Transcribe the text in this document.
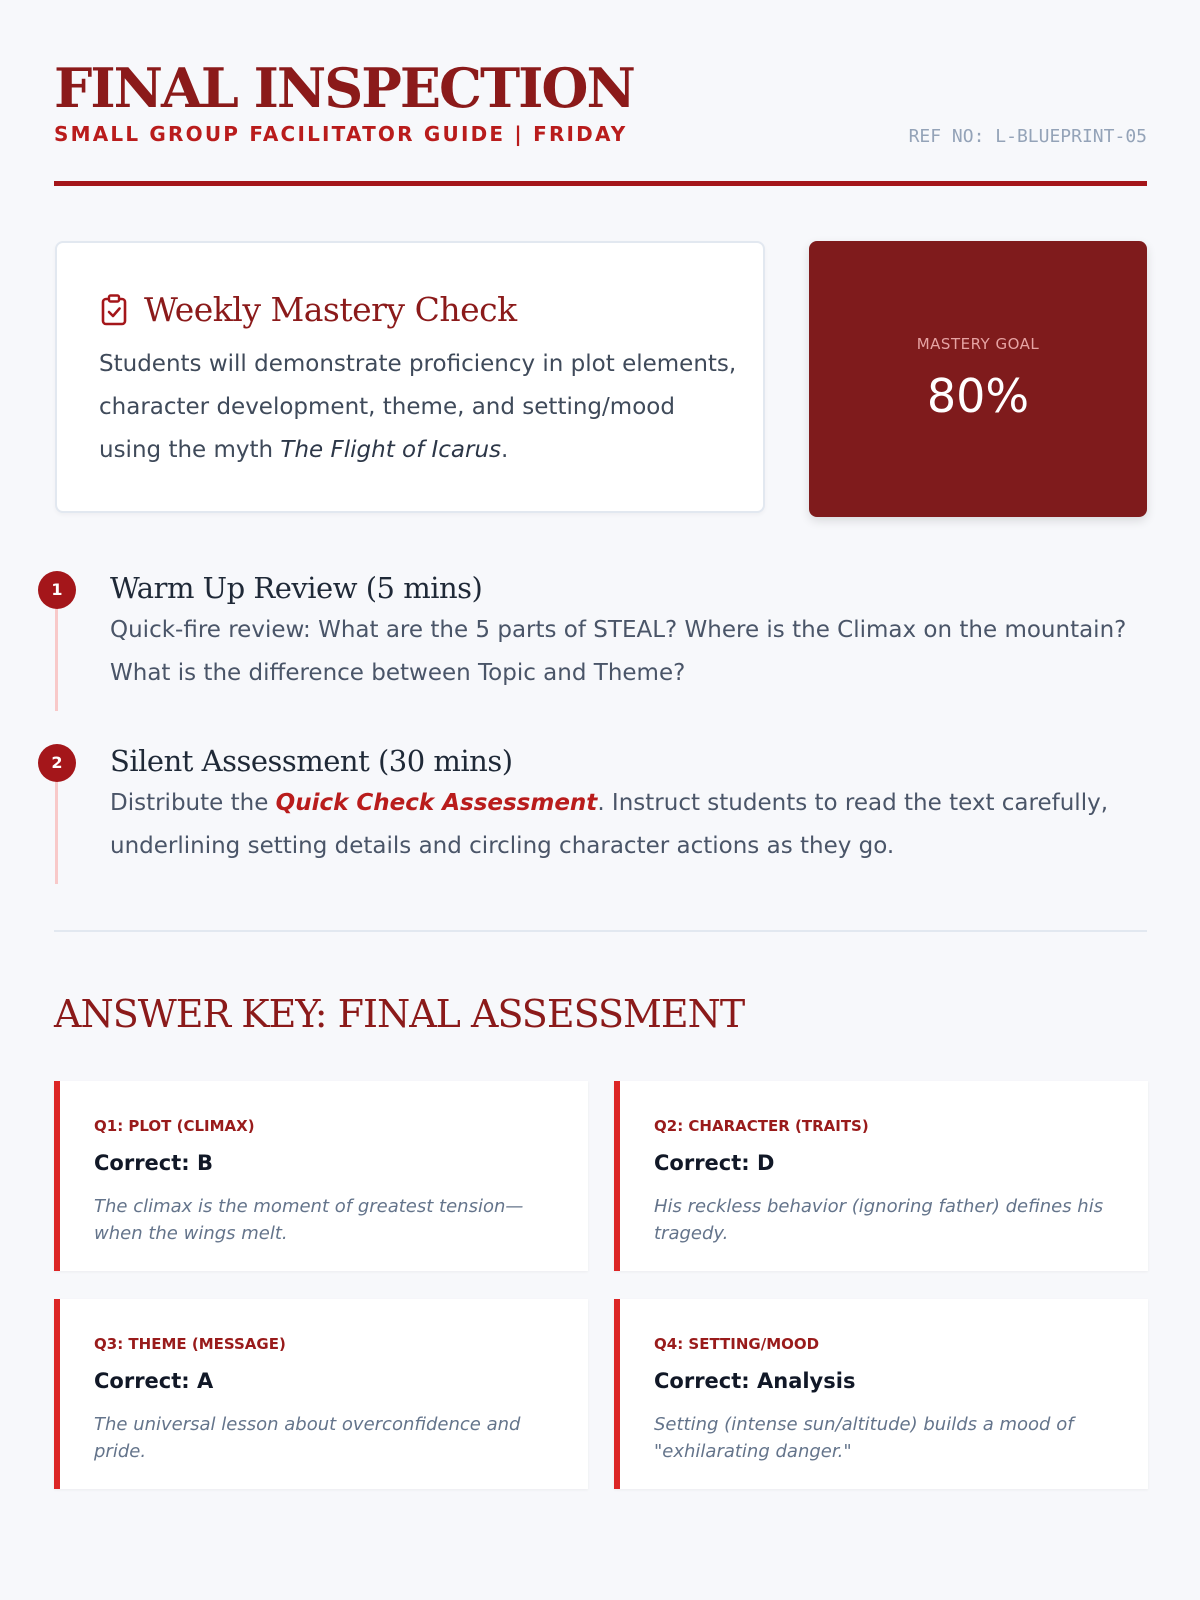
FINAL INSPECTION
SMALL GROUP FACILITATOR GUIDE | FRIDAY	REF NO: L-BLUEPRINT-05
Weekly Mastery Check
Students will demonstrate proficiency in plot elements, character development, theme, and setting/mood using the myth The Flight of Icarus.
MASTERY GOAL
80%
1	Warm Up Review (5 mins)
Quick-fire review: What are the 5 parts of STEAL? Where is the Climax on the mountain? What is the difference between Topic and Theme?
2	Silent Assessment (30 mins)
Distribute the Quick Check Assessment. Instruct students to read the text carefully, underlining setting details and circling character actions as they go.
ANSWER KEY: FINAL ASSESSMENT
Q1: PLOT (CLIMAX)
Correct: B
The climax is the moment of greatest tension—when the wings melt.
Q2: CHARACTER (TRAITS)
Correct: D
His reckless behavior (ignoring father) defines his tragedy.
Q3: THEME (MESSAGE)
Correct: A
The universal lesson about overconfidence and pride.
Q4: SETTING/MOOD
Correct: Analysis
Setting (intense sun/altitude) builds a mood of "exhilarating danger."
